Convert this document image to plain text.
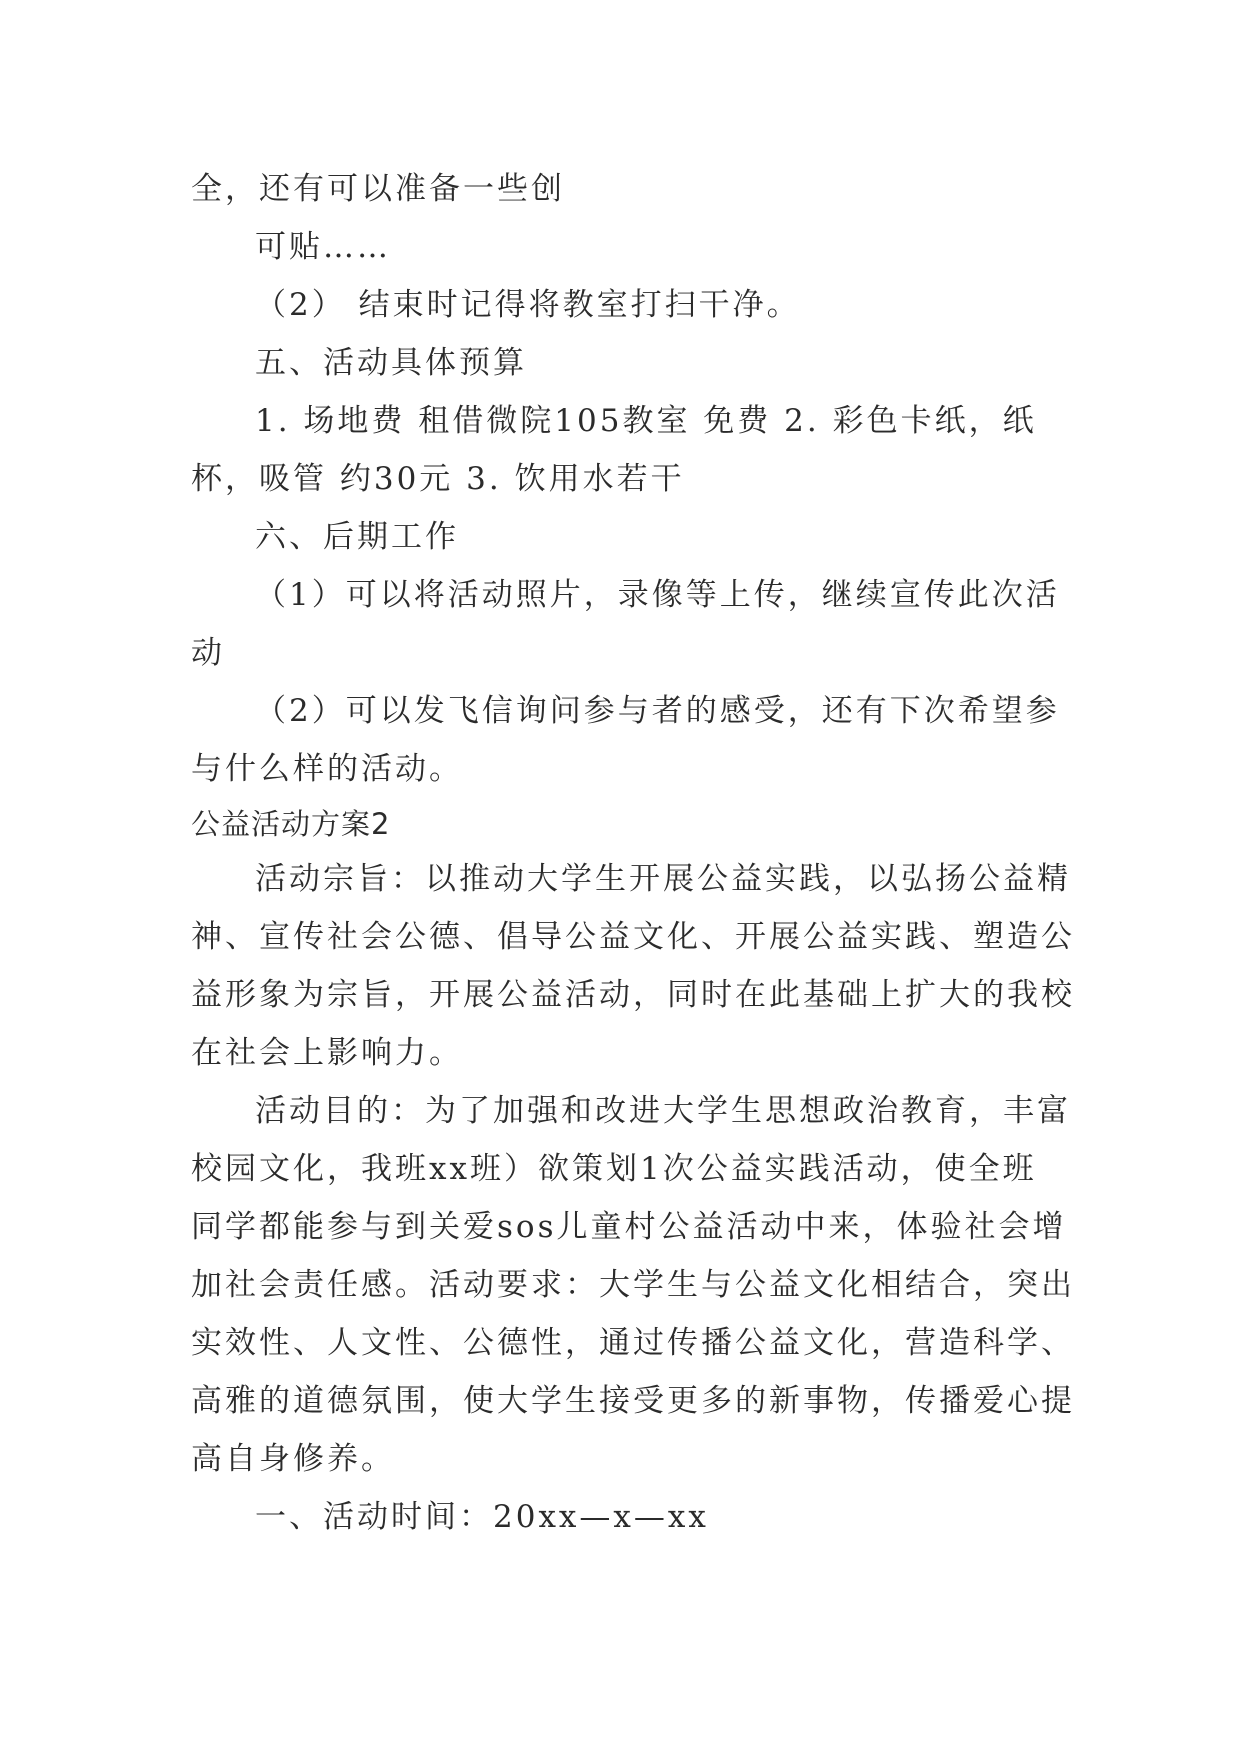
全，还有可以准备一些创
可贴……
（2） 结束时记得将教室打扫干净。
五、活动具体预算
1. 场地费 租借微院105教室 免费 2. 彩色卡纸，纸
杯，吸管 约30元 3. 饮用水若干
六、后期工作
（1）可以将活动照片，录像等上传，继续宣传此次活
动
（2）可以发飞信询问参与者的感受，还有下次希望参
与什么样的活动。
公益活动方案2
活动宗旨：以推动大学生开展公益实践，以弘扬公益精
神、宣传社会公德、倡导公益文化、开展公益实践、塑造公
益形象为宗旨，开展公益活动，同时在此基础上扩大的我校
在社会上影响力。
活动目的：为了加强和改进大学生思想政治教育，丰富
校园文化，我班xx班）欲策划1次公益实践活动，使全班
同学都能参与到关爱sos儿童村公益活动中来，体验社会增
加社会责任感。活动要求：大学生与公益文化相结合，突出
实效性、人文性、公德性，通过传播公益文化，营造科学、
高雅的道德氛围，使大学生接受更多的新事物，传播爱心提
高自身修养。
一、活动时间：20xx—x—xx
